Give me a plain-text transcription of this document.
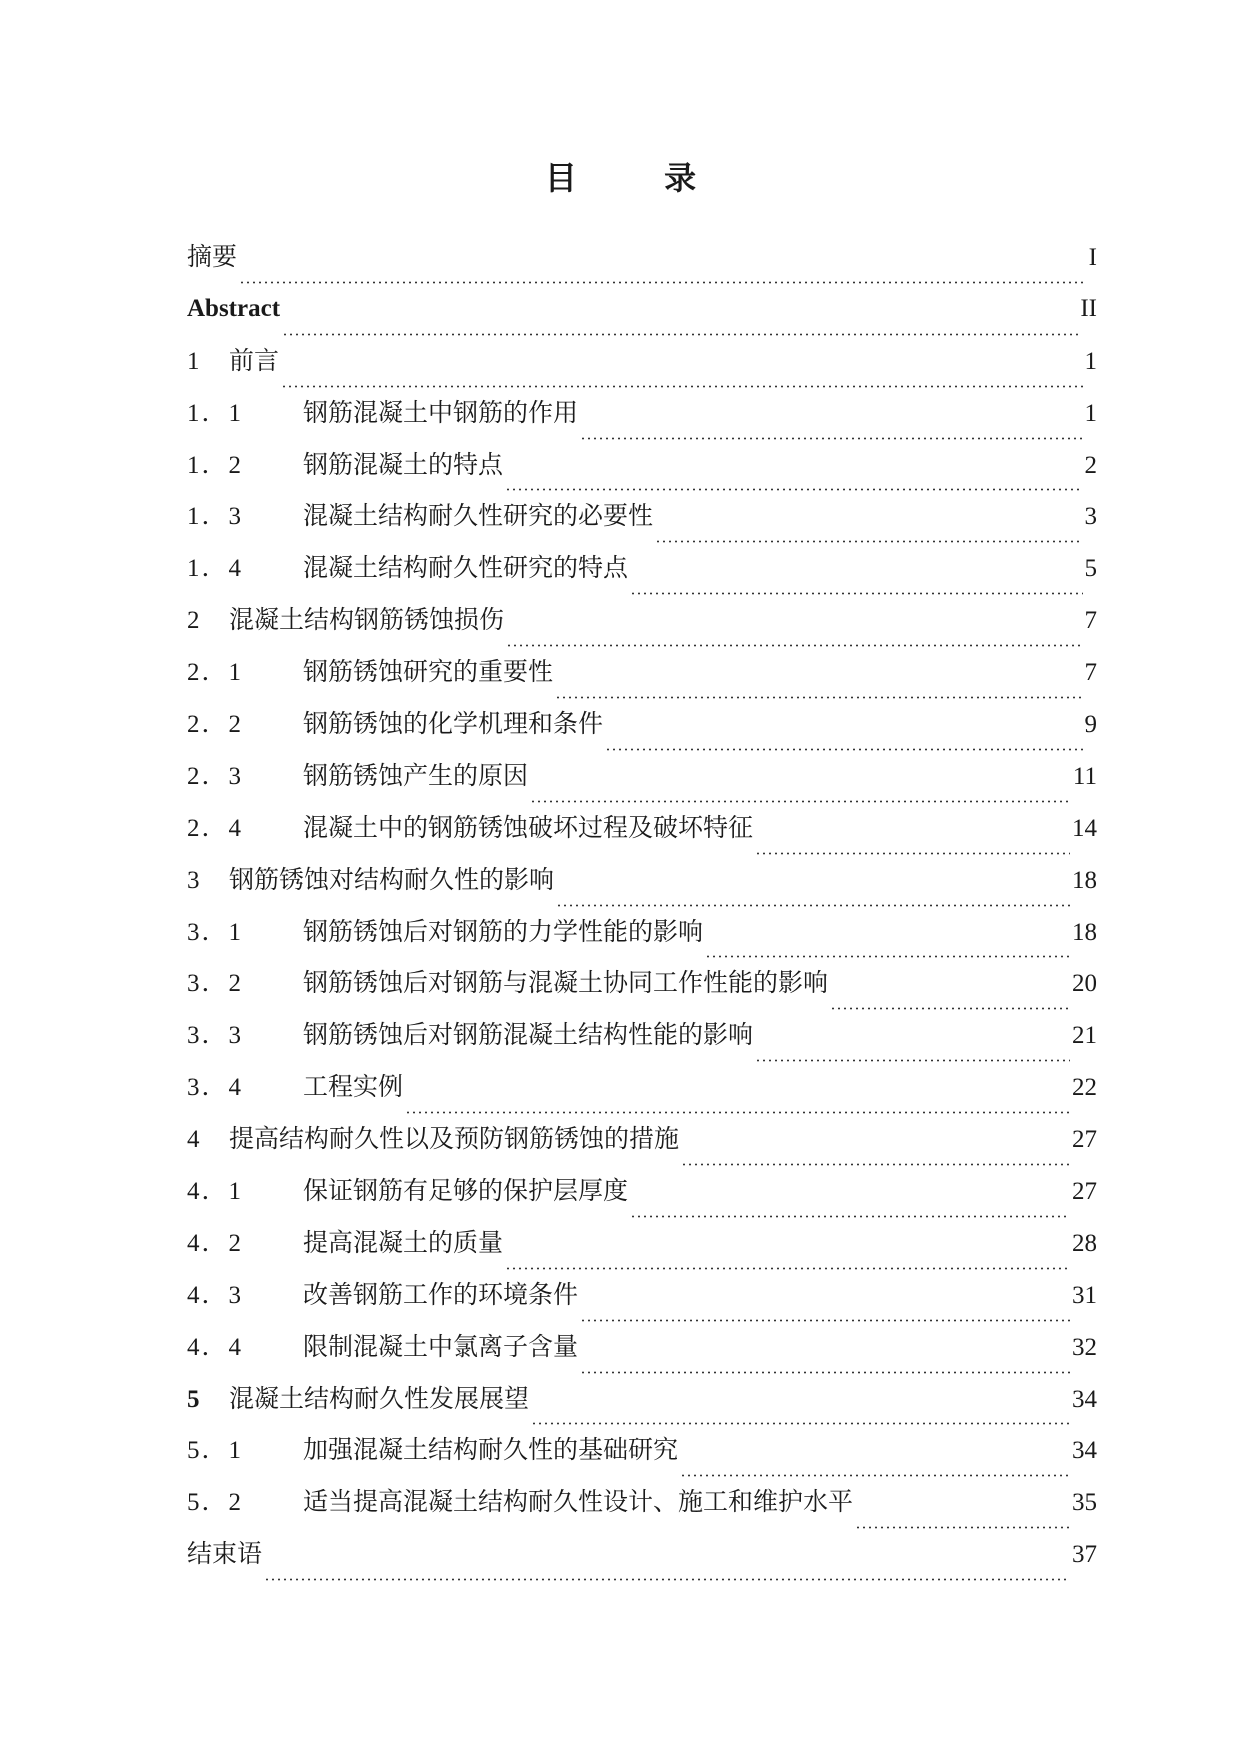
目 录
摘要	I
Abstract	II
1	前言	1
1．1	钢筋混凝土中钢筋的作用	1
1．2	钢筋混凝土的特点	2
1．3	混凝土结构耐久性研究的必要性	3
1．4	混凝土结构耐久性研究的特点	5
2	混凝土结构钢筋锈蚀损伤	7
2．1	钢筋锈蚀研究的重要性	7
2．2	钢筋锈蚀的化学机理和条件	9
2．3	钢筋锈蚀产生的原因	11
2．4	混凝土中的钢筋锈蚀破坏过程及破坏特征	14
3	钢筋锈蚀对结构耐久性的影响	18
3．1	钢筋锈蚀后对钢筋的力学性能的影响	18
3．2	钢筋锈蚀后对钢筋与混凝土协同工作性能的影响	20
3．3	钢筋锈蚀后对钢筋混凝土结构性能的影响	21
3．4	工程实例	22
4	提高结构耐久性以及预防钢筋锈蚀的措施	27
4．1	保证钢筋有足够的保护层厚度	27
4．2	提高混凝土的质量	28
4．3	改善钢筋工作的环境条件	31
4．4	限制混凝土中氯离子含量	32
5	混凝土结构耐久性发展展望	34
5．1	加强混凝土结构耐久性的基础研究	34
5．2	适当提高混凝土结构耐久性设计、施工和维护水平	35
结束语	37
